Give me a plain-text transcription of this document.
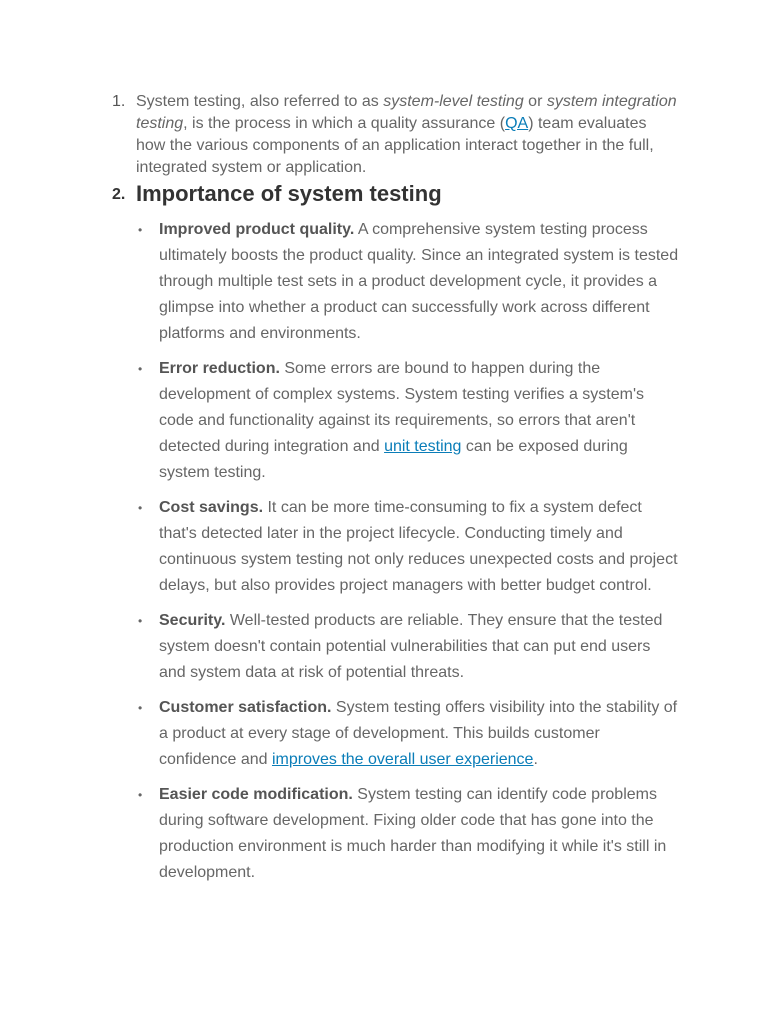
1. System testing, also referred to as system-level testing or system integration testing, is the process in which a quality assurance (QA) team evaluates how the various components of an application interact together in the full, integrated system or application.
2. Importance of system testing
• Improved product quality. A comprehensive system testing process ultimately boosts the product quality. Since an integrated system is tested through multiple test sets in a product development cycle, it provides a glimpse into whether a product can successfully work across different platforms and environments.
• Error reduction. Some errors are bound to happen during the development of complex systems. System testing verifies a system's code and functionality against its requirements, so errors that aren't detected during integration and unit testing can be exposed during system testing.
• Cost savings. It can be more time-consuming to fix a system defect that's detected later in the project lifecycle. Conducting timely and continuous system testing not only reduces unexpected costs and project delays, but also provides project managers with better budget control.
• Security. Well-tested products are reliable. They ensure that the tested system doesn't contain potential vulnerabilities that can put end users and system data at risk of potential threats.
• Customer satisfaction. System testing offers visibility into the stability of a product at every stage of development. This builds customer confidence and improves the overall user experience.
• Easier code modification. System testing can identify code problems during software development. Fixing older code that has gone into the production environment is much harder than modifying it while it's still in development.
